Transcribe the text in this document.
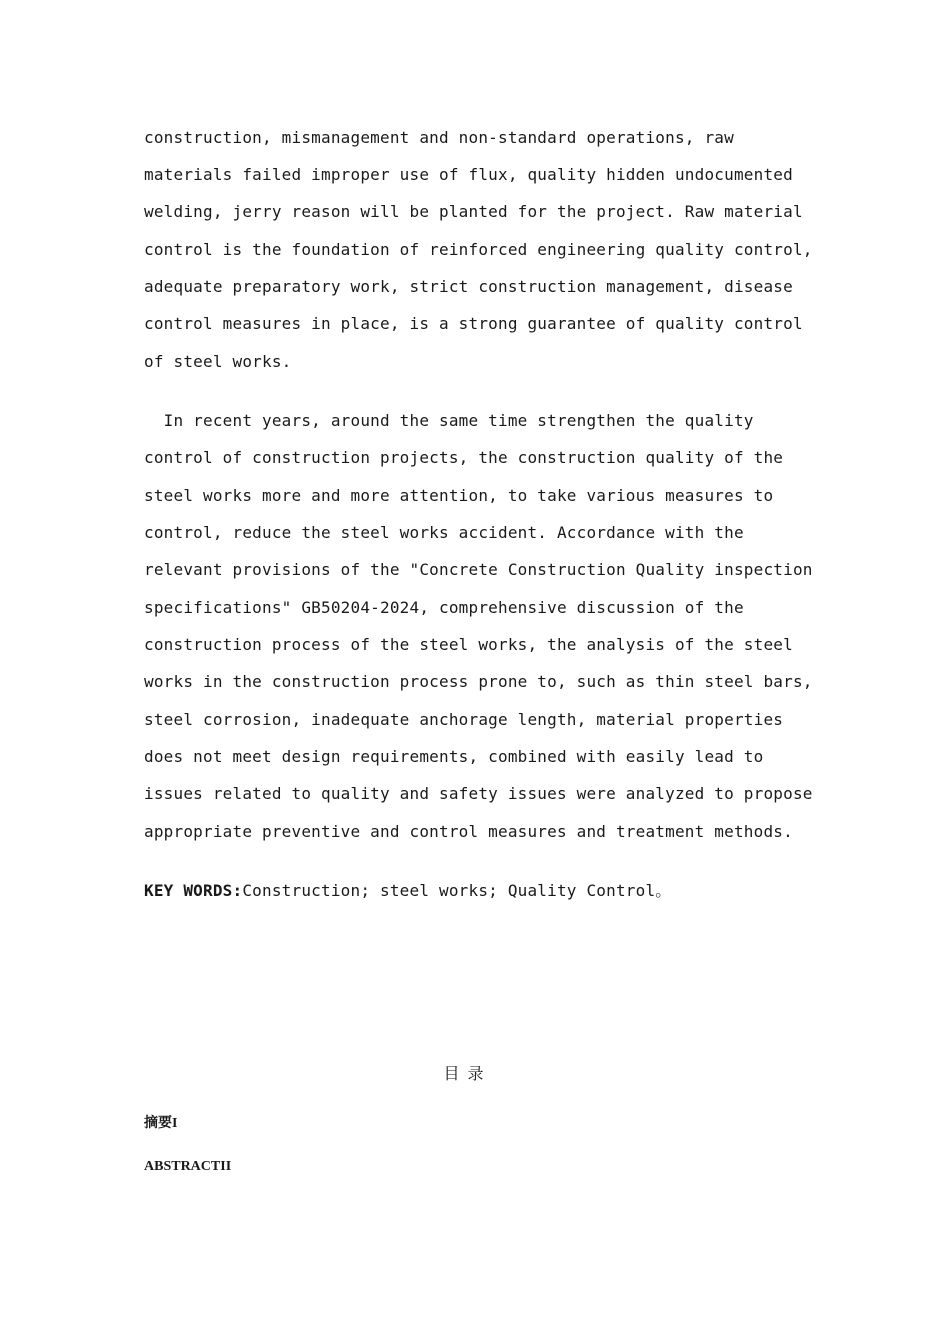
construction, mismanagement and non-standard operations, raw
materials failed improper use of flux, quality hidden undocumented
welding, jerry reason will be planted for the project. Raw material
control is the foundation of reinforced engineering quality control,
adequate preparatory work, strict construction management, disease
control measures in place, is a strong guarantee of quality control
of steel works.
In recent years, around the same time strengthen the quality
control of construction projects, the construction quality of the
steel works more and more attention, to take various measures to
control, reduce the steel works accident. Accordance with the
relevant provisions of the "Concrete Construction Quality inspection
specifications" GB50204-2024, comprehensive discussion of the
construction process of the steel works, the analysis of the steel
works in the construction process prone to, such as thin steel bars,
steel corrosion, inadequate anchorage length, material properties
does not meet design requirements, combined with easily lead to
issues related to quality and safety issues were analyzed to propose
appropriate preventive and control measures and treatment methods.
KEY WORDS:Construction; steel works; Quality Control。
目录
摘要I
ABSTRACTII
